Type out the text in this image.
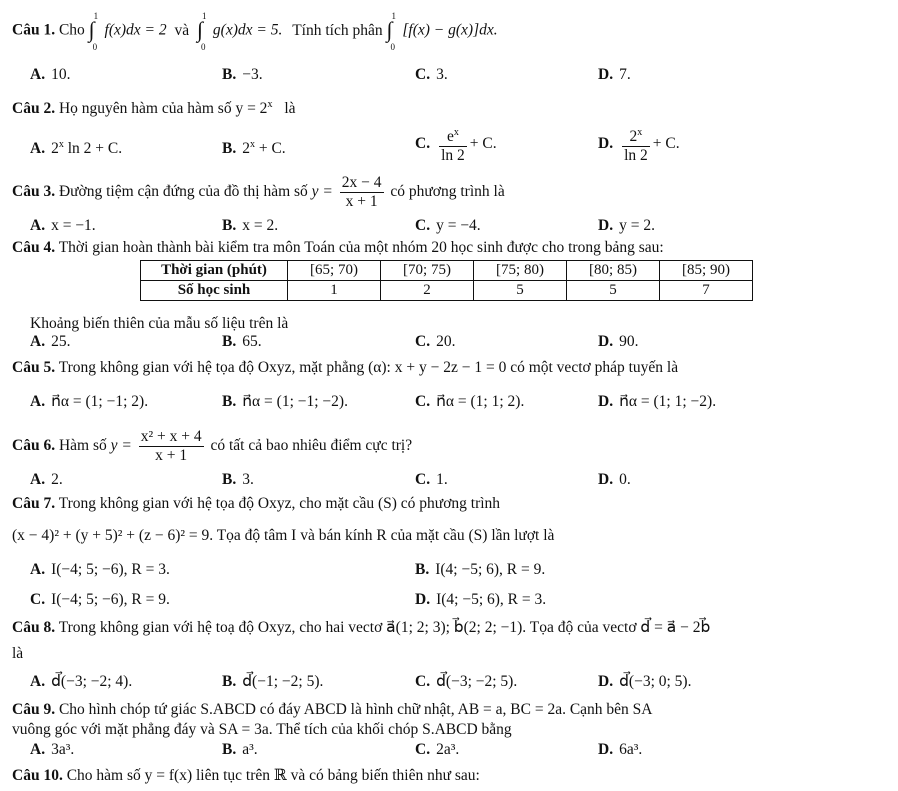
Câu 1. Cho ∫
1
0
f(x)dx = 2 và ∫
1
0
g(x)dx = 5. Tính tích phân ∫
1
0
[f(x) − g(x)]dx.
A. 10.	B. −3.	C. 3.	D. 7.
Câu 2. Họ nguyên hàm của hàm số $y = 2^x$ là
A. 2$^x$ ln 2 + C.	B. $2^x + C$.	C. $\frac{e^x}{\ln 2} + C$.	D. $\frac{2^x}{\ln 2} + C$.
Câu 3. Đường tiệm cận đứng của đồ thị hàm số $y = \frac{2x - 4}{x + 1}$ có phương trình là
A. x = −1.	B. x = 2.	C. y = −4.	D. y = 2.
Câu 4. Thời gian hoàn thành bài kiểm tra môn Toán của một nhóm 20 học sinh được cho trong bảng sau:
Thời gian (phút)	[65; 70)	[70; 75)	[75; 80)	[80; 85)	[85; 90)
Số học sinh	1	2	5	5	7
Khoảng biến thiên của mẫu số liệu trên là
A. 25.	B. 65.	C. 20.	D. 90.
Câu 5. Trong không gian với hệ tọa độ Oxyz, mặt phẳng (α): x + y − 2z − 1 = 0 có một vectơ pháp tuyến là
A. n⃗α = (1; −1; 2).	B. n⃗α = (1; −1; −2).	C. n⃗α = (1; 1; 2).	D. n⃗α = (1; 1; −2).
Câu 6. Hàm số $y = \frac{\text{x² + x + 4}}{x + 1}$ có tất cả bao nhiêu điểm cực trị?
A. 2.	B. 3.	C. 1.	D. 0.
Câu 7. Trong không gian với hệ tọa độ Oxyz, cho mặt cầu (S) có phương trình
(x − 4)² + (y + 5)² + (z − 6)² = 9. Tọa độ tâm I và bán kính R của mặt cầu (S) lần lượt là
A. I(−4; 5; −6), R = 3.	B. I(4; −5; 6), R = 9.
C. I(−4; 5; −6), R = 9.	D. I(4; −5; 6), R = 3.
Câu 8. Trong không gian với hệ toạ độ Oxyz, cho hai vectơ a⃗(1; 2; 3); b⃗(2; 2; −1). Tọa độ của vectơ d⃗ = a⃗ − 2b⃗
là
A. d⃗(−3; −2; 4).	B. d⃗(−1; −2; 5).	C. d⃗(−3; −2; 5).	D. d⃗(−3; 0; 5).
Câu 9. Cho hình chóp tứ giác S.ABCD có đáy ABCD là hình chữ nhật, AB = a, BC = 2a. Cạnh bên SA
vuông góc với mặt phẳng đáy và SA = 3a. Thể tích của khối chóp S.ABCD bằng
A. 3a³.	B. a³.	C. 2a³.	D. 6a³.
Câu 10. Cho hàm số y = f(x) liên tục trên ℝ và có bảng biến thiên như sau:
